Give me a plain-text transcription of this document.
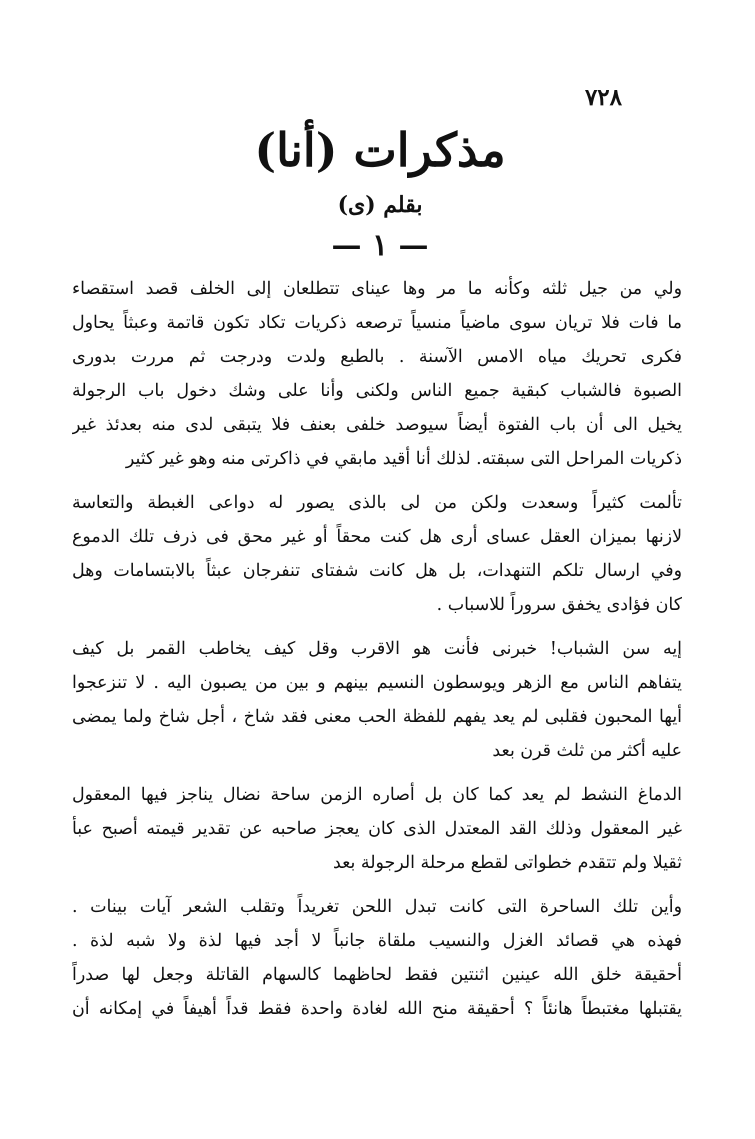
٧٢٨
مذكرات (أنا)
بقلم (ى)
— ١ —
ولي من جيل ثلثه وكأنه ما مر وها عيناى تتطلعان إلى الخلف قصد استقصاء
ما فات فلا تريان سوى ماضياً منسياً ترصعه ذكريات تكاد تكون قاتمة وعبثاً يحاول
فكرى تحريك مياه الامس الآسنة . بالطبع ولدت ودرجت ثم مررت بدورى
الصبوة فالشباب كبقية جميع الناس ولكنى وأنا على وشك دخول باب الرجولة
يخيل الى أن باب الفتوة أيضاً سيوصد خلفى بعنف فلا يتبقى لدى منه بعدئذ غير
ذكريات المراحل التى سبقته. لذلك أنا أقيد مابقي في ذاكرتى منه وهو غير كثير
تألمت كثيراً وسعدت ولكن من لى بالذى يصور له دواعى الغبطة والتعاسة
لازنها بميزان العقل عساى أرى هل كنت محقاً أو غير محق فى ذرف تلك الدموع
وفي ارسال تلكم التنهدات، بل هل كانت شفتاى تنفرجان عبثاً بالابتسامات وهل
كان فؤادى يخفق سروراً للاسباب .
إيه سن الشباب! خبرنى فأنت هو الاقرب وقل كيف يخاطب القمر بل كيف
يتفاهم الناس مع الزهر ويوسطون النسيم بينهم و بين من يصبون اليه . لا تنزعجوا
أيها المحبون فقلبى لم يعد يفهم للفظة الحب معنى فقد شاخ ، أجل شاخ ولما يمضى
عليه أكثر من ثلث قرن بعد
الدماغ النشط لم يعد كما كان بل أصاره الزمن ساحة نضال يناجز فيها المعقول
غير المعقول وذلك القد المعتدل الذى كان يعجز صاحبه عن تقدير قيمته أصبح عبأ
ثقيلا ولم تتقدم خطواتى لقطع مرحلة الرجولة بعد
وأين تلك الساحرة التى كانت تبدل اللحن تغريداً وتقلب الشعر آيات بينات .
فهذه هي قصائد الغزل والنسيب ملقاة جانباً لا أجد فيها لذة ولا شبه لذة .
أحقيقة خلق الله عينين اثنتين فقط لحاظهما كالسهام القاتلة وجعل لها صدراً
يقتبلها مغتبطاً هانئاً ؟ أحقيقة منح الله لغادة واحدة فقط قداً أهيفاً في إمكانه أن
